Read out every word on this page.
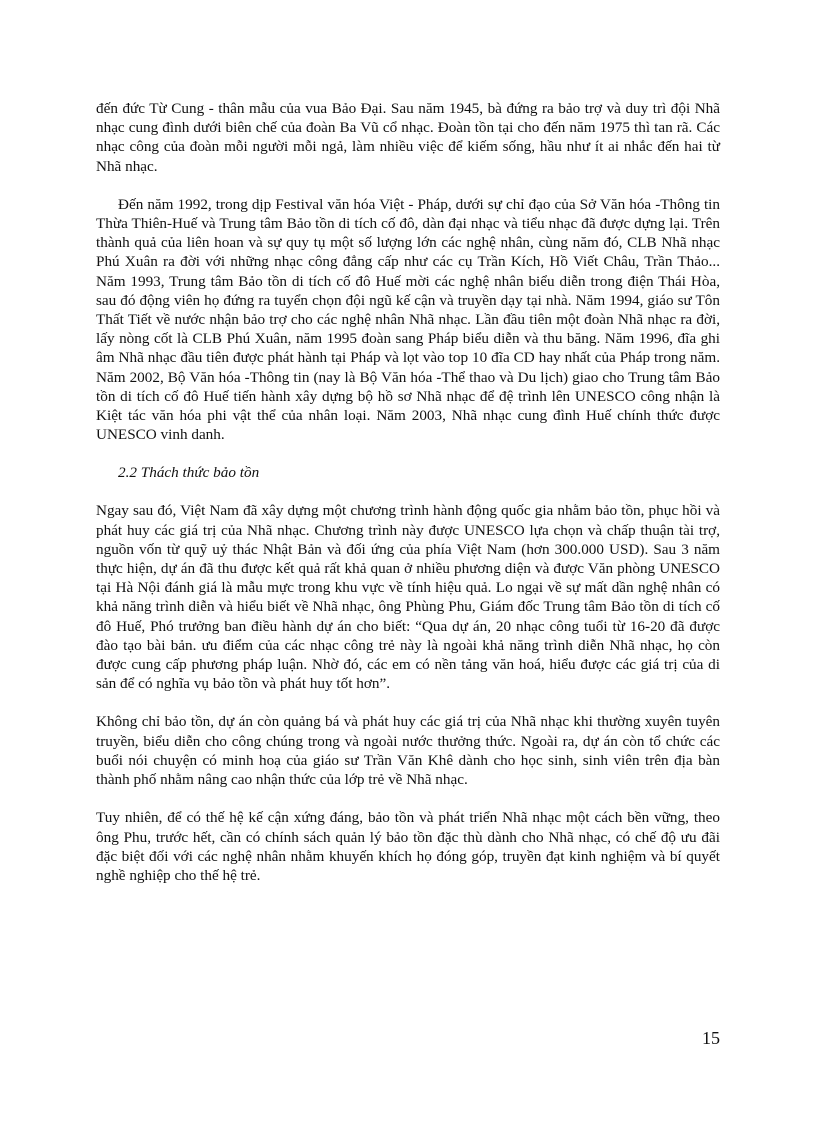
đến đức Từ Cung - thân mẫu của vua Bảo Đại. Sau năm 1945, bà đứng ra bảo trợ và duy trì đội Nhã nhạc cung đình dưới biên chế của đoàn Ba Vũ cổ nhạc. Đoàn tồn tại cho đến năm 1975 thì tan rã. Các nhạc công của đoàn mỗi người mỗi ngả, làm nhiều việc để kiếm sống, hầu như ít ai nhắc đến hai từ Nhã nhạc.

Đến năm 1992, trong dịp Festival văn hóa Việt - Pháp, dưới sự chỉ đạo của Sở Văn hóa -Thông tin Thừa Thiên-Huế và Trung tâm Bảo tồn di tích cố đô, dàn đại nhạc và tiểu nhạc đã được dựng lại. Trên thành quả của liên hoan và sự quy tụ một số lượng lớn các nghệ nhân, cùng năm đó, CLB Nhã nhạc Phú Xuân ra đời với những nhạc công đẳng cấp như các cụ Trần Kích, Hồ Viết Châu, Trần Thảo... Năm 1993, Trung tâm Bảo tồn di tích cố đô Huế mời các nghệ nhân biểu diễn trong điện Thái Hòa, sau đó động viên họ đứng ra tuyển chọn đội ngũ kế cận và truyền dạy tại nhà. Năm 1994, giáo sư Tôn Thất Tiết về nước nhận bảo trợ cho các nghệ nhân Nhã nhạc. Lần đầu tiên một đoàn Nhã nhạc ra đời, lấy nòng cốt là CLB Phú Xuân, năm 1995 đoàn sang Pháp biểu diễn và thu băng. Năm 1996, đĩa ghi âm Nhã nhạc đầu tiên được phát hành tại Pháp và lọt vào top 10 đĩa CD hay nhất của Pháp trong năm. Năm 2002, Bộ Văn hóa -Thông tin (nay là Bộ Văn hóa -Thể thao và Du lịch) giao cho Trung tâm Bảo tồn di tích cố đô Huế tiến hành xây dựng bộ hồ sơ Nhã nhạc để đệ trình lên UNESCO công nhận là Kiệt tác văn hóa phi vật thể của nhân loại. Năm 2003, Nhã nhạc cung đình Huế chính thức được UNESCO vinh danh.

2.2 Thách thức bảo tồn

Ngay sau đó, Việt Nam đã xây dựng một chương trình hành động quốc gia nhằm bảo tồn, phục hồi và phát huy các giá trị của Nhã nhạc. Chương trình này được UNESCO lựa chọn và chấp thuận tài trợ, nguồn vốn từ quỹ uỷ thác Nhật Bản và đối ứng của phía Việt Nam (hơn 300.000 USD). Sau 3 năm thực hiện, dự án đã thu được kết quả rất khả quan ở nhiều phương diện và được Văn phòng UNESCO tại Hà Nội đánh giá là mẫu mực trong khu vực về tính hiệu quả. Lo ngại về sự mất dần nghệ nhân có khả năng trình diễn và hiểu biết về Nhã nhạc, ông Phùng Phu, Giám đốc Trung tâm Bảo tồn di tích cố đô Huế, Phó trưởng ban điều hành dự án cho biết: “Qua dự án, 20 nhạc công tuổi từ 16-20 đã được đào tạo bài bản. ưu điểm của các nhạc công trẻ này là ngoài khả năng trình diễn Nhã nhạc, họ còn được cung cấp phương pháp luận. Nhờ đó, các em có nền tảng văn hoá, hiểu được các giá trị của di sản để có nghĩa vụ bảo tồn và phát huy tốt hơn”.

Không chỉ bảo tồn, dự án còn quảng bá và phát huy các giá trị của Nhã nhạc khi thường xuyên tuyên truyền, biểu diễn cho công chúng trong và ngoài nước thưởng thức. Ngoài ra, dự án còn tổ chức các buổi nói chuyện có minh hoạ của giáo sư Trần Văn Khê dành cho học sinh, sinh viên trên địa bàn thành phố nhằm nâng cao nhận thức của lớp trẻ về Nhã nhạc.

Tuy nhiên, để có thế hệ kế cận xứng đáng, bảo tồn và phát triển Nhã nhạc một cách bền vững, theo ông Phu, trước hết, cần có chính sách quản lý bảo tồn đặc thù dành cho Nhã nhạc, có chế độ ưu đãi đặc biệt đối với các nghệ nhân nhằm khuyến khích họ đóng góp, truyền đạt kinh nghiệm và bí quyết nghề nghiệp cho thế hệ trẻ.

15
